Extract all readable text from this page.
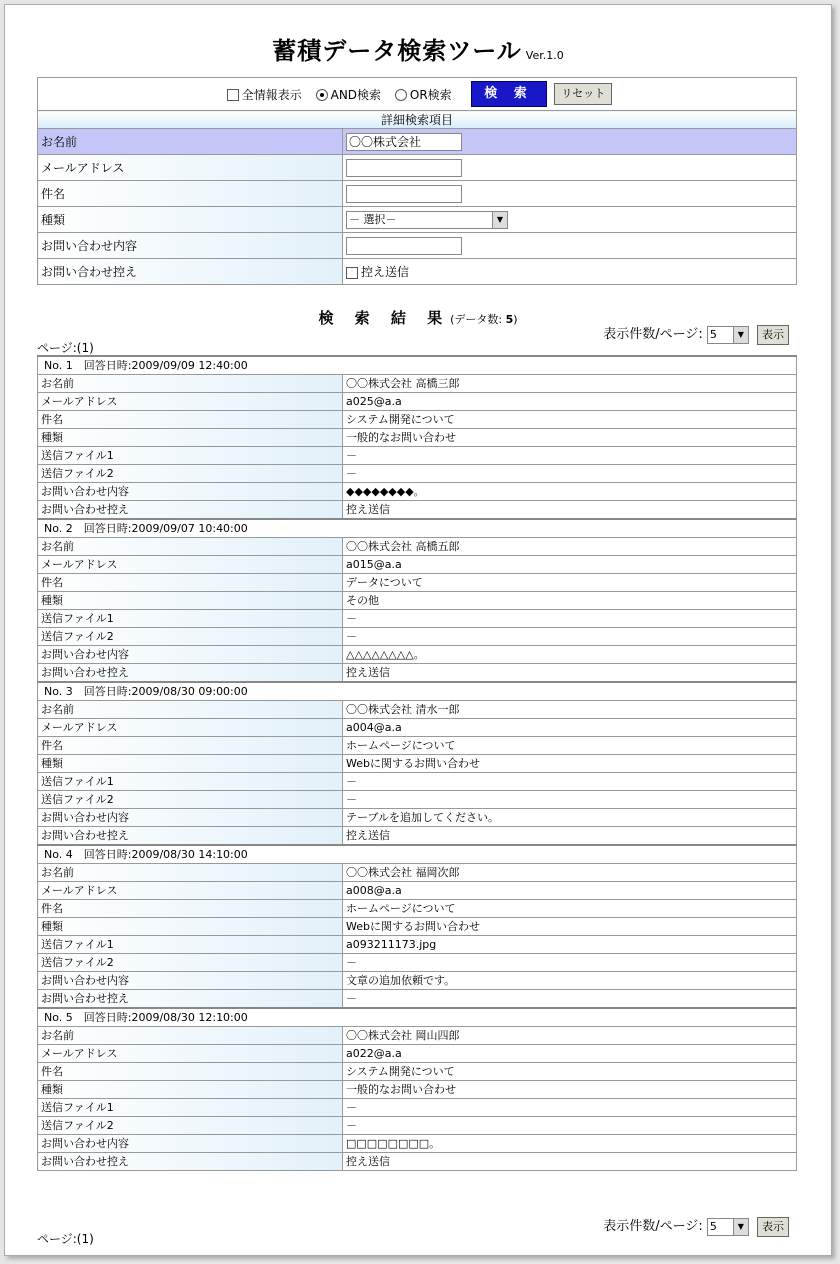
蓄積データ検索ツール Ver.1.0
全情報表示 AND検索 OR検索 検 索 リセット	
詳細検索項目	
お名前	〇〇株式会社
メールアドレス	
件名	
種類	－ 選択－ ▼

お問い合わせ内容	
お問い合わせ控え	控え送信
検 索 結 果(データ数: 5)
表示件数/ページ: 5	▼	表示
ページ:(1)
No. 1　回答日時:2009/09/09 12:40:00	
お名前	〇〇株式会社 高橋三郎
メールアドレス	a025@a.a
件名	システム開発について
種類	一般的なお問い合わせ
送信ファイル1	－
送信ファイル2	－
お問い合わせ内容	◆◆◆◆◆◆◆◆。
お問い合わせ控え	控え送信
No. 2　回答日時:2009/09/07 10:40:00	
お名前	〇〇株式会社 高橋五郎
メールアドレス	a015@a.a
件名	データについて
種類	その他
送信ファイル1	－
送信ファイル2	－
お問い合わせ内容	△△△△△△△△。
お問い合わせ控え	控え送信
No. 3　回答日時:2009/08/30 09:00:00	
お名前	〇〇株式会社 清水一郎
メールアドレス	a004@a.a
件名	ホームページについて
種類	Webに関するお問い合わせ
送信ファイル1	－
送信ファイル2	－
お問い合わせ内容	テーブルを追加してください。
お問い合わせ控え	控え送信
No. 4　回答日時:2009/08/30 14:10:00	
お名前	〇〇株式会社 福岡次郎
メールアドレス	a008@a.a
件名	ホームページについて
種類	Webに関するお問い合わせ
送信ファイル1	a093211173.jpg
送信ファイル2	－
お問い合わせ内容	文章の追加依頼です。
お問い合わせ控え	－
No. 5　回答日時:2009/08/30 12:10:00	
お名前	〇〇株式会社 岡山四郎
メールアドレス	a022@a.a
件名	システム開発について
種類	一般的なお問い合わせ
送信ファイル1	－
送信ファイル2	－
お問い合わせ内容	□□□□□□□□。
お問い合わせ控え	控え送信
表示件数/ページ: 5	▼	表示
ページ:(1)
